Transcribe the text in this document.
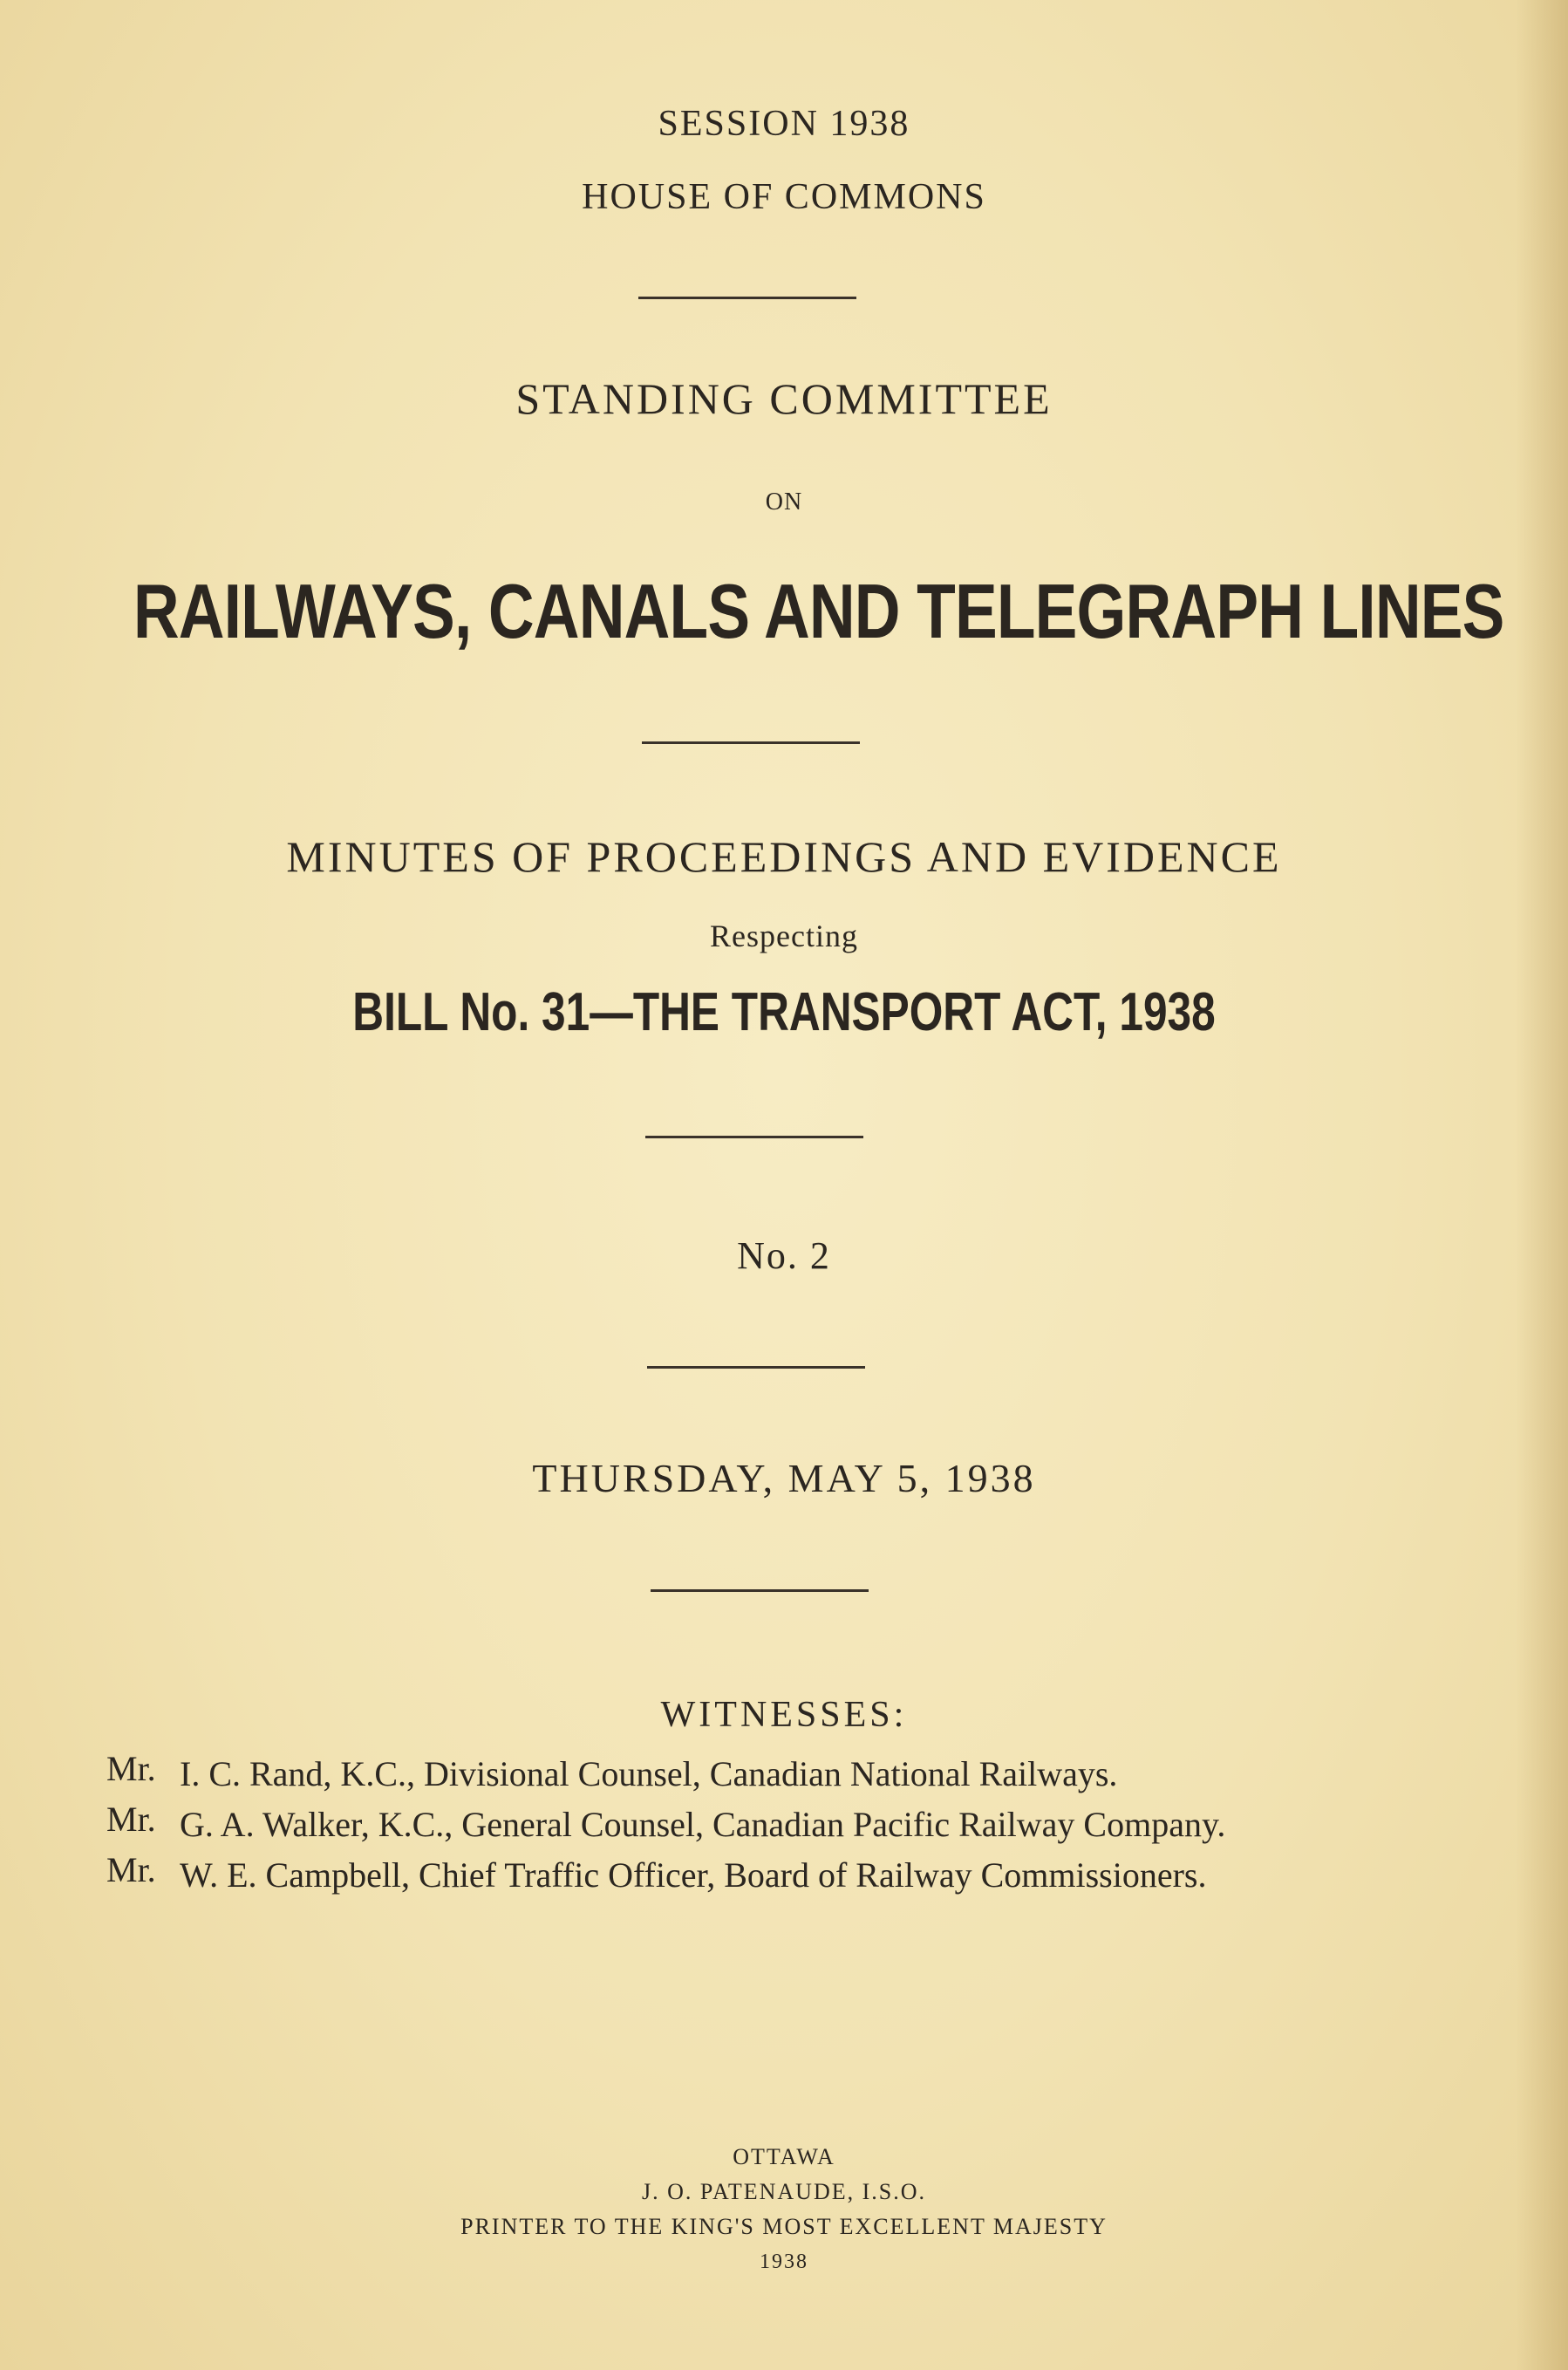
SESSION 1938
HOUSE OF COMMONS
STANDING COMMITTEE
ON
RAILWAYS, CANALS AND TELEGRAPH LINES
MINUTES OF PROCEEDINGS AND EVIDENCE
Respecting
BILL No. 31—THE TRANSPORT ACT, 1938
No. 2
THURSDAY, MAY 5, 1938
WITNESSES:
Mr. I. C. Rand, K.C., Divisional Counsel, Canadian National Railways.
Mr. G. A. Walker, K.C., General Counsel, Canadian Pacific Railway Company.
Mr. W. E. Campbell, Chief Traffic Officer, Board of Railway Commissioners.
OTTAWA
J. O. PATENAUDE, I.S.O.
PRINTER TO THE KING'S MOST EXCELLENT MAJESTY
1938
